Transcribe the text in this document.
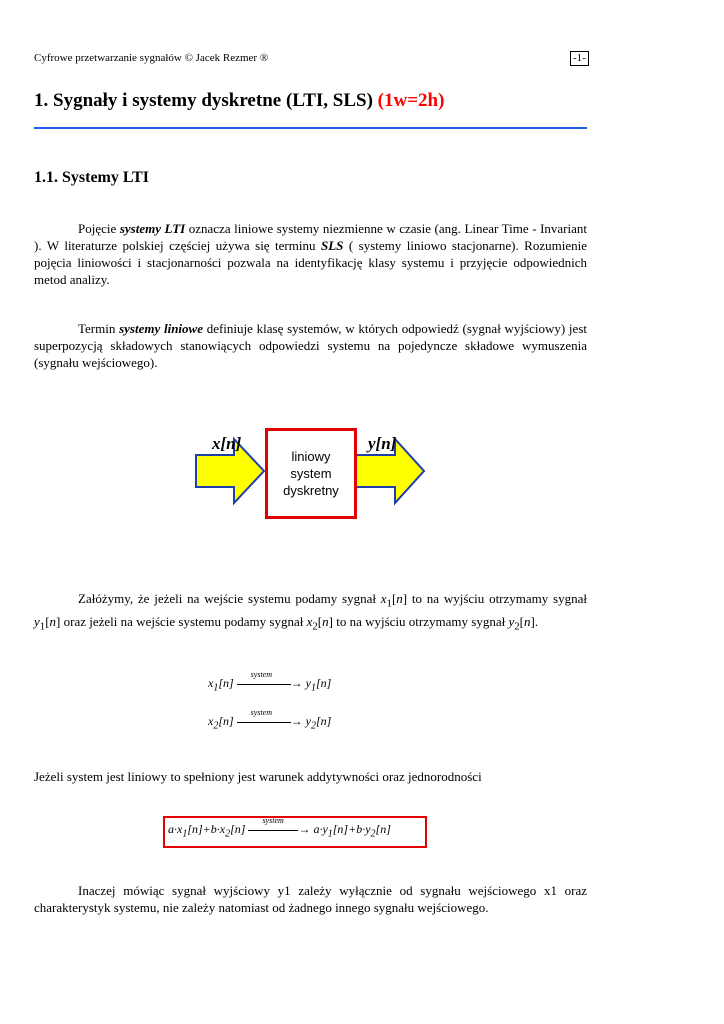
Cyfrowe przetwarzanie sygnałów © Jacek Rezmer ®	-1-
1. Sygnały i systemy dyskretne (LTI, SLS) (1w=2h)
1.1. Systemy LTI

Pojęcie systemy LTI oznacza liniowe systemy niezmienne w czasie (ang. Linear Time - Invariant ). W literaturze polskiej częściej używa się terminu SLS ( systemy liniowo stacjonarne). Rozumienie pojęcia liniowości i stacjonarności pozwala na identyfikację klasy systemu i przyjęcie odpowiednich metod analizy.

Termin systemy liniowe definiuje klasę systemów, w których odpowiedź (sygnał wyjściowy) jest superpozycją składowych stanowiących odpowiedzi systemu na pojedyncze składowe wymuszenia (sygnału wejściowego).

x[n]	y[n]
liniowy
system
dyskretny

Załóżymy, że jeżeli na wejście systemu podamy sygnał $x_1[n]$ to na wyjściu otrzymamy sygnał $y_1[n]$ oraz jeżeli na wejście systemu podamy sygnał $x_2[n]$ to na wyjściu otrzymamy sygnał $y_2[n]$.

$x_1[n]$
system
→ $y_1[n]$
$x_2[n]$
system
→ $y_2[n]$
Jeżeli system jest liniowy to spełniony jest warunek addytywności oraz jednorodności
$a\cdot x_1[n]+b\cdot x_2[n]$
system
→ $a\cdot y_1[n]+b\cdot y_2[n]$

Inaczej mówiąc sygnał wyjściowy y1 zależy wyłącznie od sygnału wejściowego x1 oraz charakterystyk systemu, nie zależy natomiast od żadnego innego sygnału wejściowego.
